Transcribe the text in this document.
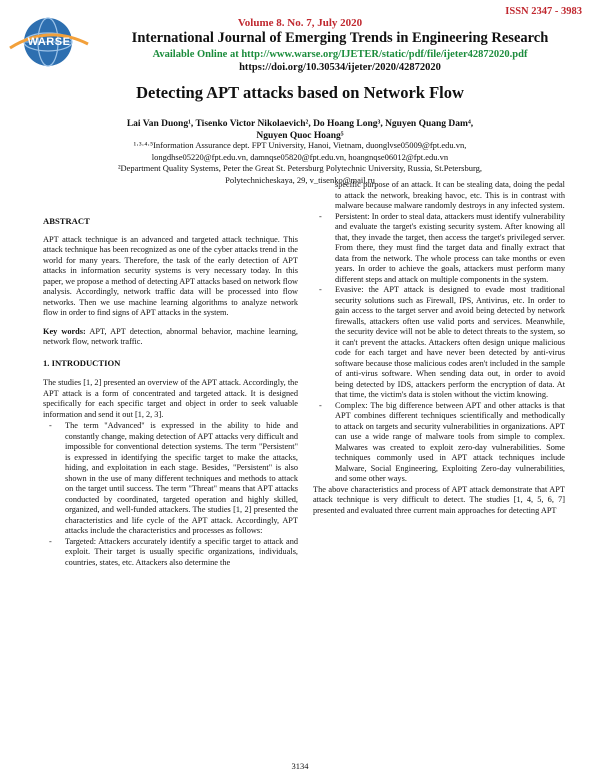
ISSN 2347 - 3983
WARSE
Volume 8. No. 7, July 2020
International Journal of Emerging Trends in Engineering Research
Available Online at http://www.warse.org/IJETER/static/pdf/file/ijeter42872020.pdf
https://doi.org/10.30534/ijeter/2020/42872020
Detecting APT attacks based on Network Flow
Lai Van Duong¹, Tisenko Victor Nikolaevich², Do Hoang Long³, Nguyen Quang Dam⁴,
Nguyen Quoc Hoang⁵
¹·³·⁴·⁵Information Assurance dept. FPT University, Hanoi, Vietnam, duonglvse05009@fpt.edu.vn,
longdhse05220@fpt.edu.vn, damnqse05820@fpt.edu.vn, hoangnqse06012@fpt.edu.vn
²Department Quality Systems, Peter the Great St. Petersburg Polytechnic University, Russia, St.Petersburg,
Polytechnicheskaya, 29, v_tisenko@mail.ru

ABSTRACT

APT attack technique is an advanced and targeted attack technique. This attack technique has been recognized as one of the cyber attacks trend in the world for many years. Therefore, the task of the early detection of APT attacks in information security systems is very necessary today. In this paper, we propose a method of detecting APT attacks based on network flow analysis. Accordingly, network traffic data will be processed into flow networks. Then we use machine learning algorithms to analyze network flow in order to find signs of APT attacks in the system.

Key words: APT, APT detection, abnormal behavior, machine learning, network flow, network traffic.

1. INTRODUCTION

The studies [1, 2] presented an overview of the APT attack. Accordingly, the APT attack is a form of concentrated and targeted attack. It is designed specifically for each specific target and object in order to seek valuable information and send it out [1, 2, 3].

- The term "Advanced" is expressed in the ability to hide and constantly change, making detection of APT attacks very difficult and impossible for conventional detection systems. The term "Persistent" is expressed in identifying the specific target to make the attacks, hiding, and exploitation in each stage. Besides, "Persistent" is also shown in the use of many different techniques and methods to attack on the target until success. The term "Threat" means that APT attacks conducted by coordinated, targeted operation and highly skilled, organized, and well-funded attackers. The studies [1, 2] presented the characteristics and life cycle of the APT attack. Accordingly, APT attacks include the characteristics and processes as follows:
- Targeted: Attackers accurately identify a specific target to attack and exploit. Their target is usually specific organizations, individuals, countries, states, etc. Attackers also determine the

specific purpose of an attack. It can be stealing data, doing the pedal to attack the network, breaking havoc, etc. This is in contrast with malware because malware randomly destroys in any infected system.

- Persistent: In order to steal data, attackers must identify vulnerability and evaluate the target's existing security system. After knowing all that, they invade the target, then access the target's privileged server. From there, they must find the target data and finally extract that data from the network. The whole process can take months or even years. In order to achieve the goals, attackers must perform many different steps and attack on multiple components in the system.
- Evasive: the APT attack is designed to evade most traditional security solutions such as Firewall, IPS, Antivirus, etc. In order to gain access to the target server and avoid being detected by network firewalls, attackers often use valid ports and services. Meanwhile, the security device will not be able to detect threats to the system, so it can't prevent the attacks. Attackers often design unique malicious code for each target and have never been detected by anti-virus software because those malicious codes aren't included in the sample of anti-virus software. When sending data out, in order to avoid being detected by IDS, attackers perform the encryption of data. At that time, the victim's data is stolen without the victim knowing.
- Complex: The big difference between APT and other attacks is that APT combines different techniques scientifically and methodically to attack on targets and security vulnerabilities in organizations. APT can use a wide range of malware tools from simple to complex. Malwares was created to exploit zero-day vulnerabilities. Some techniques commonly used in APT attack techniques include Malware, Social Engineering, Exploiting Zero-day vulnerabilities, and some other ways.

The above characteristics and process of APT attack demonstrate that APT attack technique is very difficult to detect. The studies [1, 4, 5, 6, 7] presented and evaluated three current main approaches for detecting APT

3134
